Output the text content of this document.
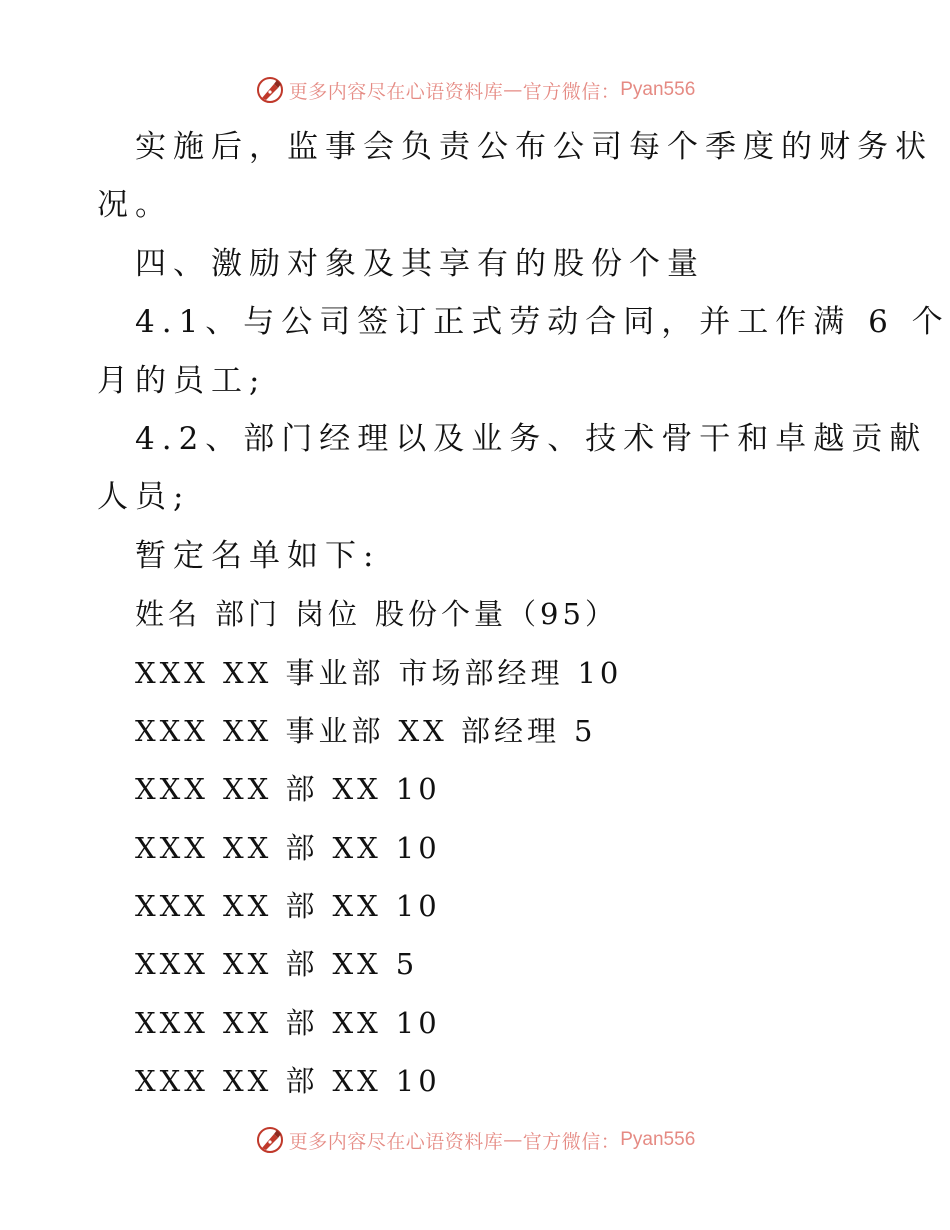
更多内容尽在心语资料库 — 官方微信： Pyan556
实施后，监事会负责公布公司每个季度的财务状
况。
四、激励对象及其享有的股份个量
4.1、与公司签订正式劳动合同，并工作满 6 个
月的员工;
4.2、部门经理以及业务、技术骨干和卓越贡献
人员;
暂定名单如下:
姓名 部门 岗位 股份个量（95）
XXX XX 事业部 市场部经理 10
XXX XX 事业部 XX 部经理 5
XXX XX 部 XX 10
XXX XX 部 XX 10
XXX XX 部 XX 10
XXX XX 部 XX 5
XXX XX 部 XX 10
XXX XX 部 XX 10
更多内容尽在心语资料库 — 官方微信： Pyan556
